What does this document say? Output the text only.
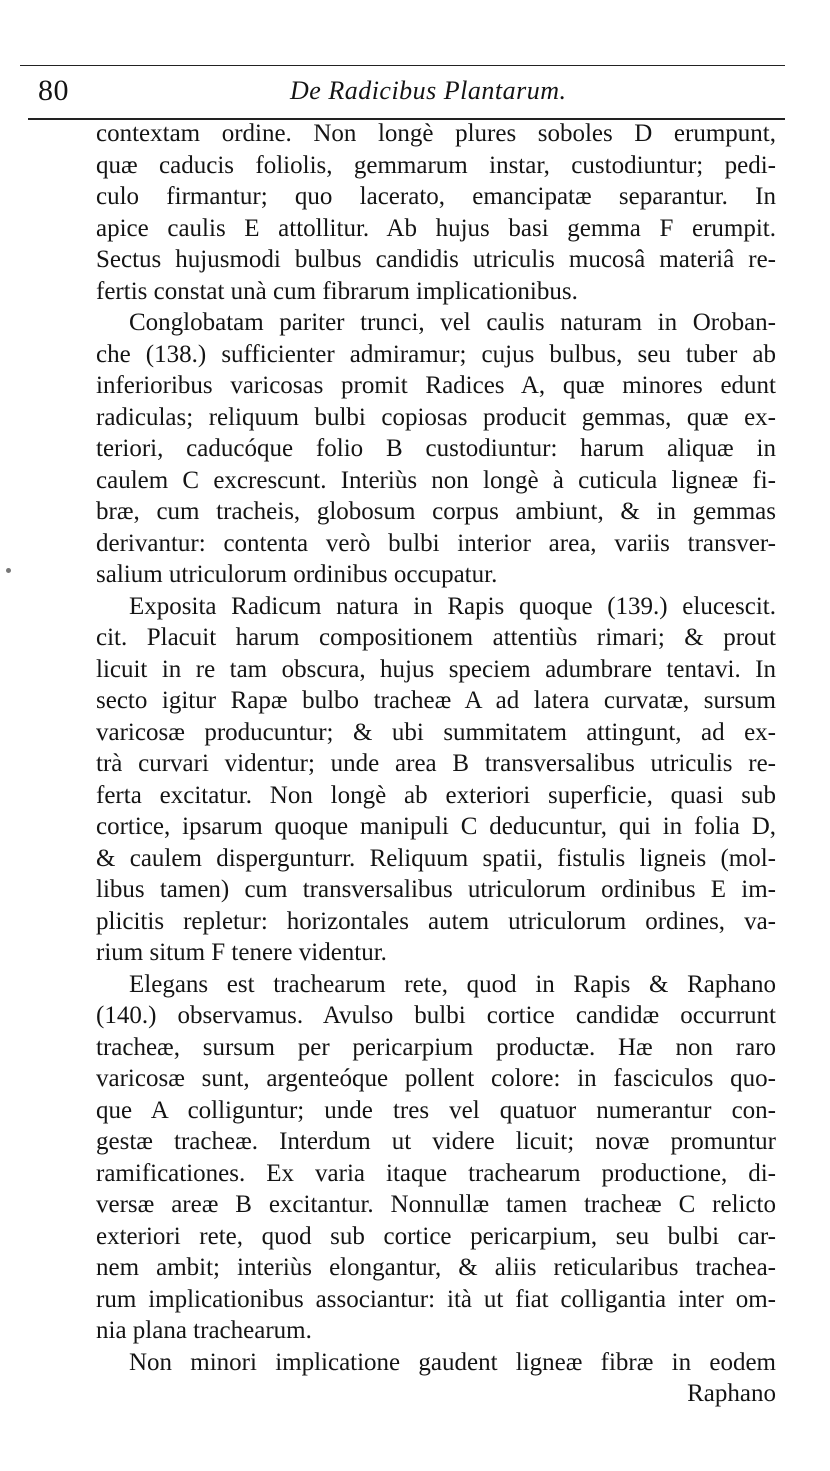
80	De Radicibus Plantarum.
contextam ordine. Non longè plures soboles D erumpunt,
quæ caducis foliolis, gemmarum instar, custodiuntur; pedi-
culo firmantur; quo lacerato, emancipatæ separantur. In
apice caulis E attollitur. Ab hujus basi gemma F erumpit.
Sectus hujusmodi bulbus candidis utriculis mucosâ materiâ re-
fertis constat unà cum fibrarum implicationibus.
Conglobatam pariter trunci, vel caulis naturam in Oroban-
che (138.) sufficienter admiramur; cujus bulbus, seu tuber ab
inferioribus varicosas promit Radices A, quæ minores edunt
radiculas; reliquum bulbi copiosas producit gemmas, quæ ex-
teriori, caducóque folio B custodiuntur: harum aliquæ in
caulem C excrescunt. Interiùs non longè à cuticula ligneæ fi-
bræ, cum tracheis, globosum corpus ambiunt, & in gemmas
derivantur: contenta verò bulbi interior area, variis transver-
salium utriculorum ordinibus occupatur.
Exposita Radicum natura in Rapis quoque (139.) elucescit.
cit. Placuit harum compositionem attentiùs rimari; & prout
licuit in re tam obscura, hujus speciem adumbrare tentavi. In
secto igitur Rapæ bulbo tracheæ A ad latera curvatæ, sursum
varicosæ producuntur; & ubi summitatem attingunt, ad ex-
trà curvari videntur; unde area B transversalibus utriculis re-
ferta excitatur. Non longè ab exteriori superficie, quasi sub
cortice, ipsarum quoque manipuli C deducuntur, qui in folia D,
& caulem dispergunturr. Reliquum spatii, fistulis ligneis (mol-
libus tamen) cum transversalibus utriculorum ordinibus E im-
plicitis repletur: horizontales autem utriculorum ordines, va-
rium situm F tenere videntur.
Elegans est trachearum rete, quod in Rapis & Raphano
(140.) observamus. Avulso bulbi cortice candidæ occurrunt
tracheæ, sursum per pericarpium productæ. Hæ non raro
varicosæ sunt, argenteóque pollent colore: in fasciculos quo-
que A colliguntur; unde tres vel quatuor numerantur con-
gestæ tracheæ. Interdum ut videre licuit; novæ promuntur
ramificationes. Ex varia itaque trachearum productione, di-
versæ areæ B excitantur. Nonnullæ tamen tracheæ C relicto
exteriori rete, quod sub cortice pericarpium, seu bulbi car-
nem ambit; interiùs elongantur, & aliis reticularibus trachea-
rum implicationibus associantur: ità ut fiat colligantia inter om-
nia plana trachearum.
Non minori implicatione gaudent ligneæ fibræ in eodem
Raphano
